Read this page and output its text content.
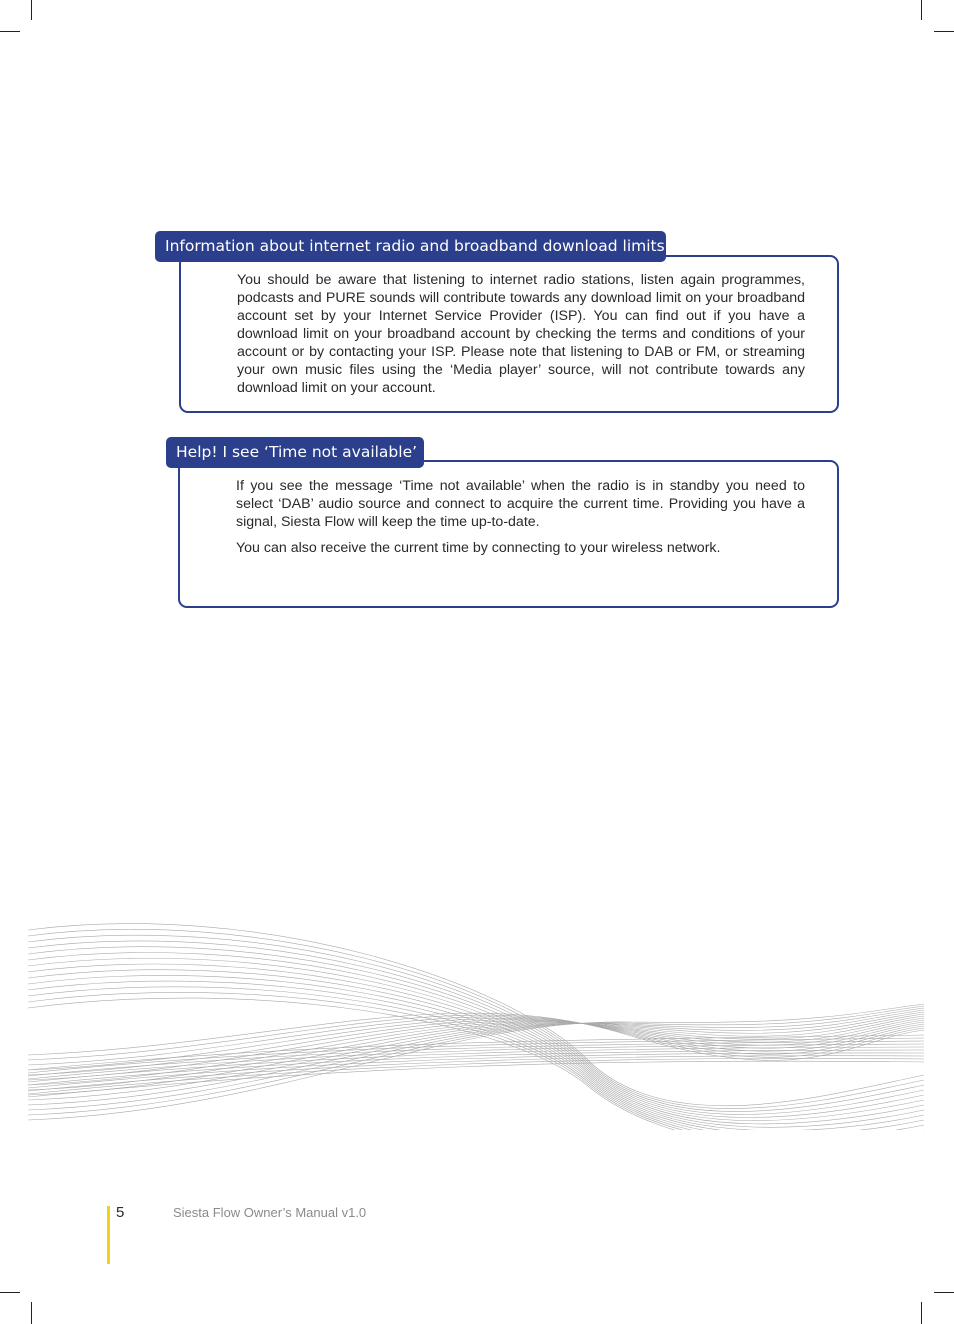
Information about internet radio and broadband download limits

You should be aware that listening to internet radio stations, listen again programmes, podcasts and PURE sounds will contribute towards any download limit on your broadband account set by your Internet Service Provider (ISP). You can find out if you have a download limit on your broadband account by checking the terms and conditions of your account or by contacting your ISP. Please note that listening to DAB or FM, or streaming your own music files using the ‘Media player’ source, will not contribute towards any download limit on your account.

Help! I see ‘Time not available’

If you see the message ‘Time not available’ when the radio is in standby you need to select ‘DAB’ audio source and connect to acquire the current time. Providing you have a signal, Siesta Flow will keep the time up-to-date.

You can also receive the current time by connecting to your wireless network.

5	Siesta Flow Owner’s Manual v1.0
